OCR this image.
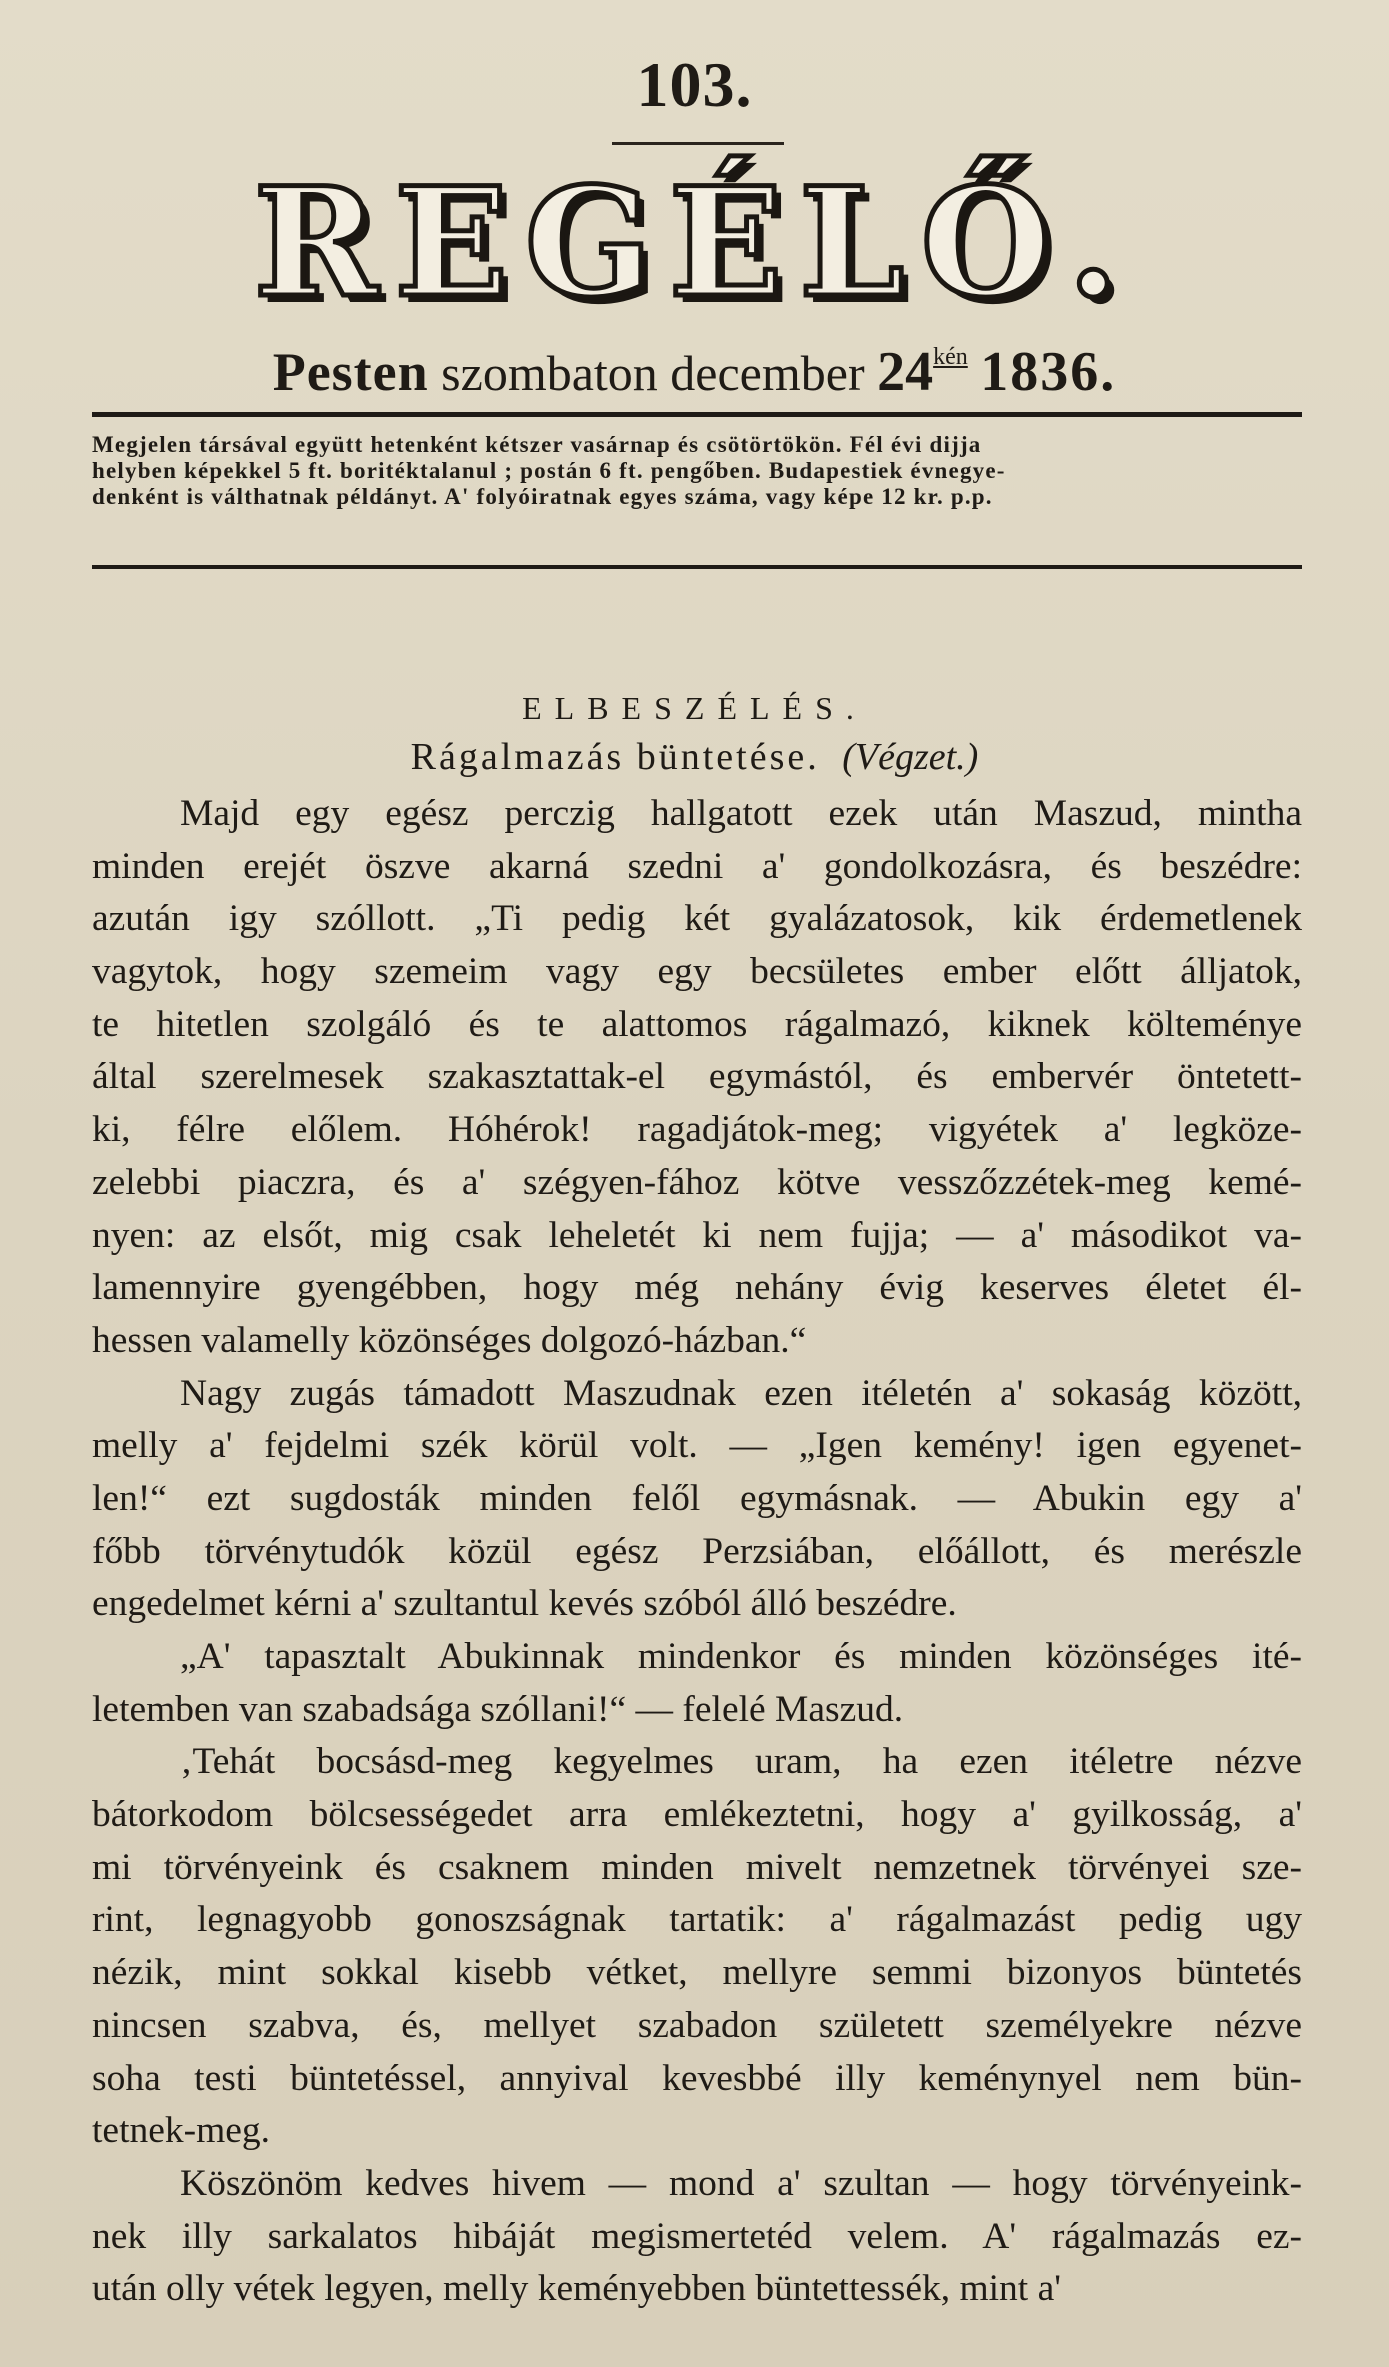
103.
REGÉLŐ.
Pesten szombaton december $24^{kén}$ 1836.
Megjelen társával együtt hetenként kétszer vasárnap és csötörtökön. Fél évi dijja
helyben képekkel 5 ft. boritéktalanul ; postán 6 ft. pengőben. Budapestiek évnegye-
denként is válthatnak példányt. A' folyóiratnak egyes száma, vagy képe 12 kr. p.p.
ELBESZÉLÉS.
Rágalmazás büntetése. (Végzet.)
Majd egy egész perczig hallgatott ezek után Maszud, mintha
minden erejét öszve akarná szedni a' gondolkozásra, és beszédre:
azután igy szóllott. „Ti pedig két gyalázatosok, kik érdemetlenek
vagytok, hogy szemeim vagy egy becsületes ember előtt álljatok,
te hitetlen szolgáló és te alattomos rágalmazó, kiknek költeménye
által szerelmesek szakasztattak-el egymástól, és embervér öntetett-
ki, félre előlem. Hóhérok! ragadjátok-meg; vigyétek a' legköze-
zelebbi piaczra, és a' szégyen-fához kötve vesszőzzétek-meg kemé-
nyen: az elsőt, mig csak leheletét ki nem fujja; — a' másodikot va-
lamennyire gyengébben, hogy még nehány évig keserves életet él-
hessen valamelly közönséges dolgozó-házban.“
Nagy zugás támadott Maszudnak ezen itéletén a' sokaság között,
melly a' fejdelmi szék körül volt. — „Igen kemény! igen egyenet-
len!“ ezt sugdosták minden felől egymásnak. — Abukin egy a'
főbb törvénytudók közül egész Perzsiában, előállott, és merészle
engedelmet kérni a' szultantul kevés szóból álló beszédre.
„A' tapasztalt Abukinnak mindenkor és minden közönséges ité-
letemben van szabadsága szóllani!“ — felelé Maszud.
‚Tehát bocsásd-meg kegyelmes uram, ha ezen itéletre nézve
bátorkodom bölcsességedet arra emlékeztetni, hogy a' gyilkosság, a'
mi törvényeink és csaknem minden mivelt nemzetnek törvényei sze-
rint, legnagyobb gonoszságnak tartatik: a' rágalmazást pedig ugy
nézik, mint sokkal kisebb vétket, mellyre semmi bizonyos büntetés
nincsen szabva, és, mellyet szabadon született személyekre nézve
soha testi büntetéssel, annyival kevesbbé illy keménynyel nem bün-
tetnek-meg.
Köszönöm kedves hivem — mond a' szultan — hogy törvényeink-
nek illy sarkalatos hibáját megismertetéd velem. A' rágalmazás ez-
után olly vétek legyen, melly keményebben büntettessék, mint a'
